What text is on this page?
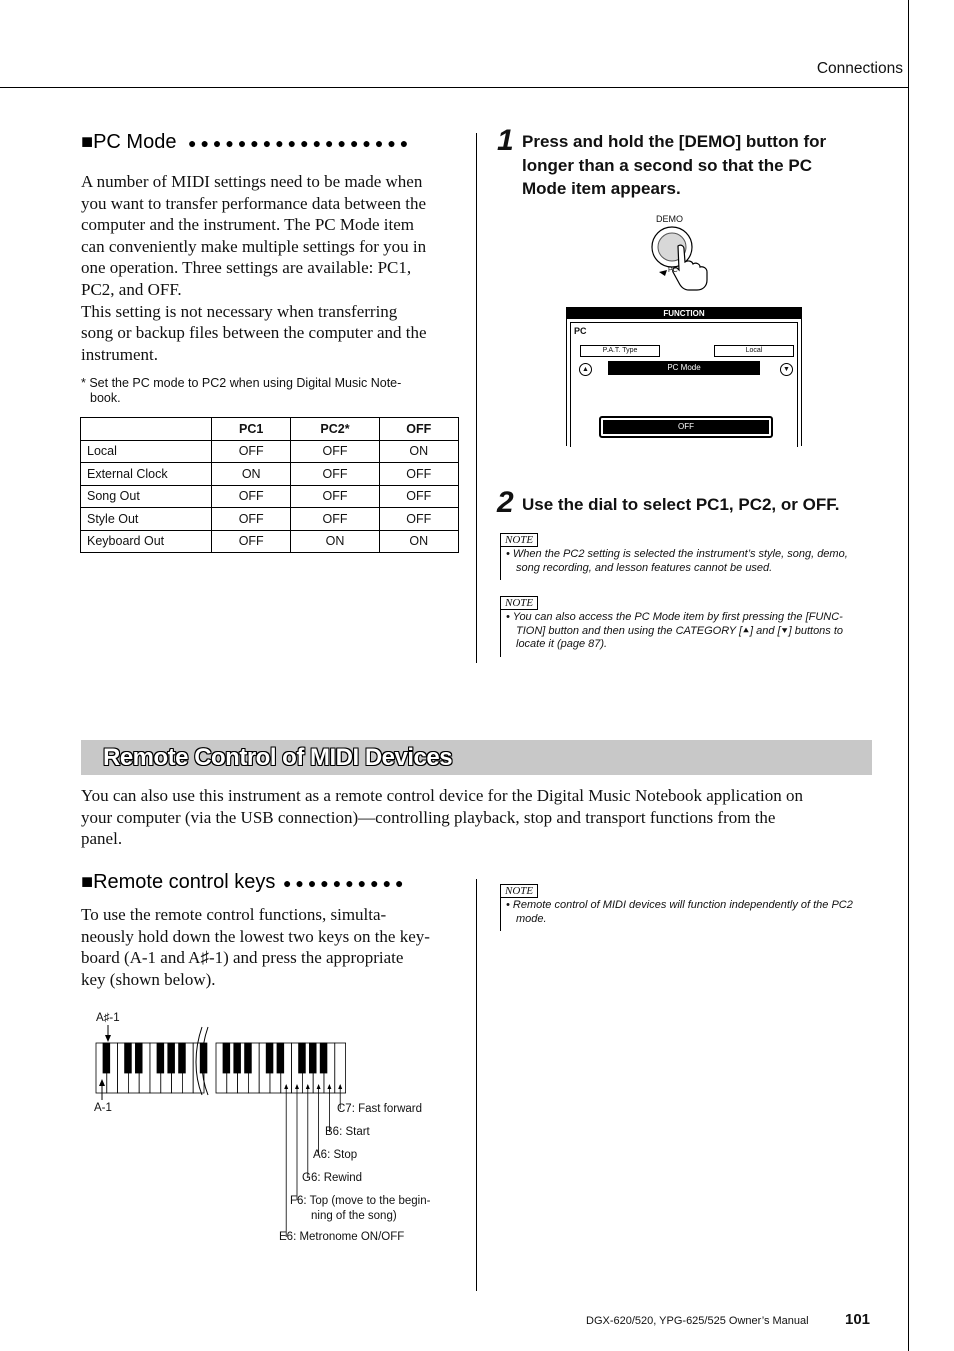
Connections
■PC Mode ●●●●●●●●●●●●●●●●●●
A number of MIDI settings need to be made when
you want to transfer performance data between the
computer and the instrument. The PC Mode item
can conveniently make multiple settings for you in
one operation. Three settings are available: PC1,
PC2, and OFF.
This setting is not necessary when transferring
song or backup files between the computer and the
instrument.
* Set the PC mode to PC2 when using Digital Music Note-
book.
	PC1	PC2*	OFF
Local	OFF	OFF	ON
External Clock	ON	OFF	OFF
Song Out	OFF	OFF	OFF
Style Out	OFF	OFF	OFF
Keyboard Out	OFF	ON	ON
1 Press and hold the [DEMO] button for
longer than a second so that the PC
Mode item appears.
DEMO
PC
FUNCTION
PC
P.A.T. Type	Local
▲	▼
PC Mode
OFF
2 Use the dial to select PC1, PC2, or OFF.
NOTE
• When the PC2 setting is selected the instrument’s style, song, demo,
song recording, and lesson features cannot be used.
NOTE
• You can also access the PC Mode item by first pressing the [FUNC-
TION] button and then using the CATEGORY [⯅] and [⯆] buttons to
locate it (page 87).
Remote Control of MIDI Devices
You can also use this instrument as a remote control device for the Digital Music Notebook application on
your computer (via the USB connection)—controlling playback, stop and transport functions from the
panel.
■Remote control keys ●●●●●●●●●●
To use the remote control functions, simulta-
neously hold down the lowest two keys on the key-
board (A-1 and A♯-1) and press the appropriate
key (shown below).
NOTE
• Remote control of MIDI devices will function independently of the PC2
mode.
A♯-1
A-1	C7: Fast forward
B6: Start
A6: Stop
G6: Rewind
F6: Top (move to the begin-
ning of the song)
E6: Metronome ON/OFF
DGX-620/520, YPG-625/525 Owner’s Manual 101
